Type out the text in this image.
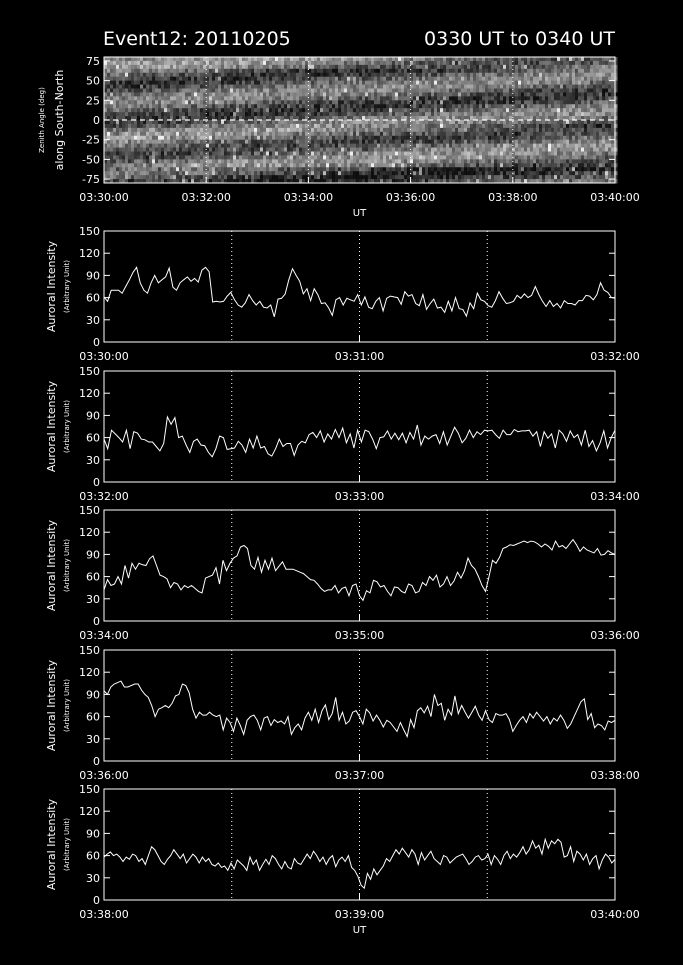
Event12: 20110205	0330 UT to 0340 UT
75
50
25
0
-25
-50
-75
03:30:00	03:32:00	03:34:00	03:36:00	03:38:00	03:40:00
UT
Zenith Angle (deg) along South-North
0
30
60
90
120
150
03:30:00	03:31:00	03:32:00
Auroral Intensity (Arbitrary Unit)
0
30
60
90
120
150
03:32:00	03:33:00	03:34:00
Auroral Intensity (Arbitrary Unit)
0
30
60
90
120
150
03:34:00	03:35:00	03:36:00
Auroral Intensity (Arbitrary Unit)
0
30
60
90
120
150
03:36:00	03:37:00	03:38:00
Auroral Intensity (Arbitrary Unit)
0
30
60
90
120
150
03:38:00	03:39:00	03:40:00
Auroral Intensity (Arbitrary Unit)
UT
